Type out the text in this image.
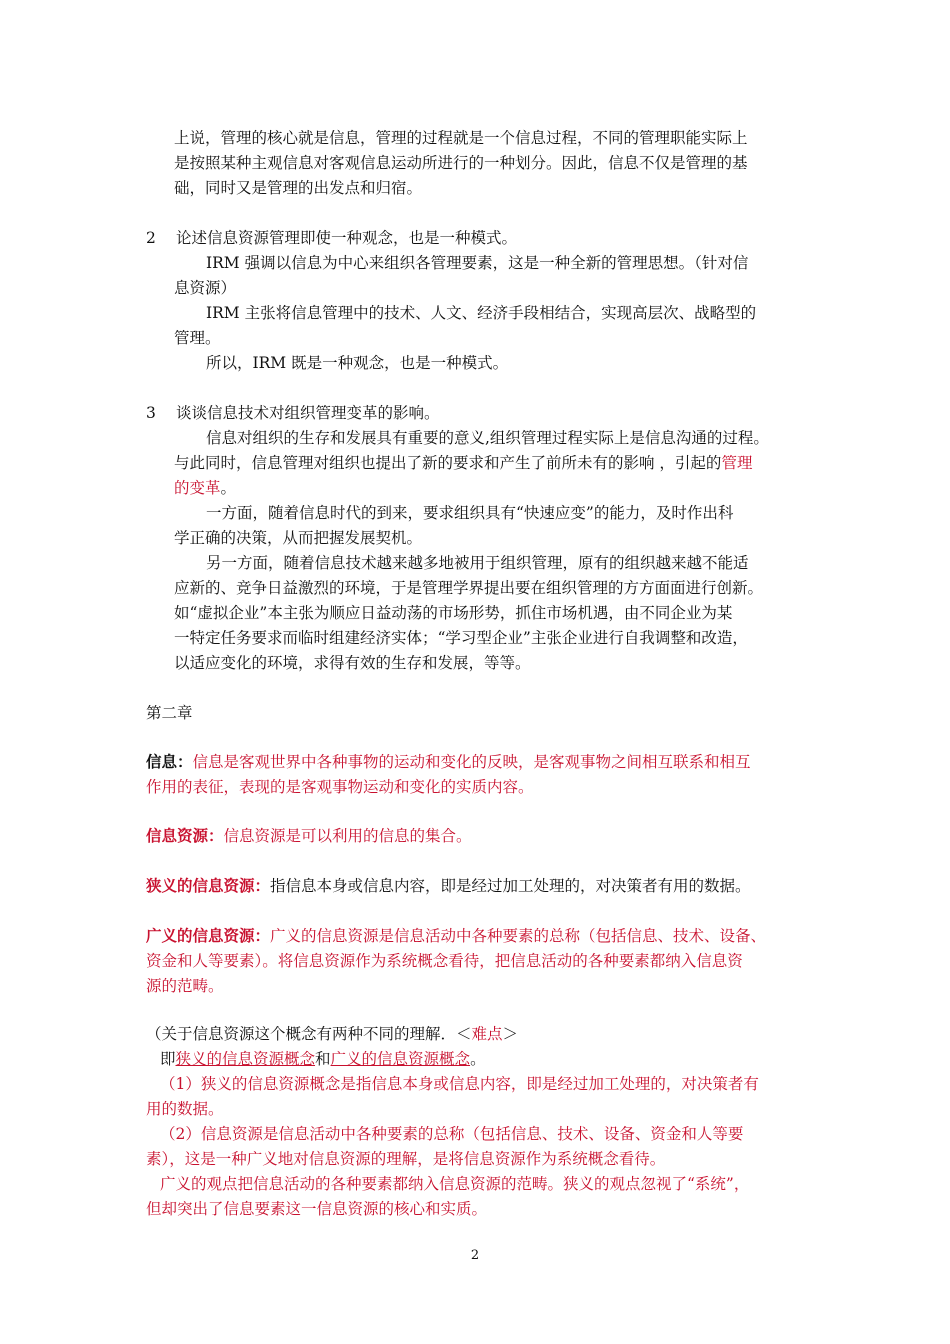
上说，管理的核心就是信息，管理的过程就是一个信息过程，不同的管理职能实际上
是按照某种主观信息对客观信息运动所进行的一种划分。因此，信息不仅是管理的基
础，同时又是管理的出发点和归宿。
2 论述信息资源管理即使一种观念，也是一种模式。
IRM 强调以信息为中心来组织各管理要素，这是一种全新的管理思想。（针对信
息资源）
IRM 主张将信息管理中的技术、人文、经济手段相结合，实现高层次、战略型的
管理。
所以，IRM 既是一种观念，也是一种模式。
3 谈谈信息技术对组织管理变革的影响。
信息对组织的生存和发展具有重要的意义,组织管理过程实际上是信息沟通的过程。
与此同时，信息管理对组织也提出了新的要求和产生了前所未有的影响 ，引起的管理
的变革。
一方面，随着信息时代的到来，要求组织具有“快速应变”的能力，及时作出科
学正确的决策，从而把握发展契机。
另一方面，随着信息技术越来越多地被用于组织管理，原有的组织越来越不能适
应新的、竞争日益激烈的环境，于是管理学界提出要在组织管理的方方面面进行创新。
如“虚拟企业”本主张为顺应日益动荡的市场形势，抓住市场机遇，由不同企业为某
一特定任务要求而临时组建经济实体；“学习型企业”主张企业进行自我调整和改造，
以适应变化的环境，求得有效的生存和发展，等等。
第二章
信息：信息是客观世界中各种事物的运动和变化的反映，是客观事物之间相互联系和相互
作用的表征，表现的是客观事物运动和变化的实质内容。
信息资源：信息资源是可以利用的信息的集合。
狭义的信息资源：指信息本身或信息内容，即是经过加工处理的，对决策者有用的数据。
广义的信息资源：广义的信息资源是信息活动中各种要素的总称（包括信息、技术、设备、
资金和人等要素）。将信息资源作为系统概念看待，把信息活动的各种要素都纳入信息资
源的范畴。
（关于信息资源这个概念有两种不同的理解．＜难点＞
即狭义的信息资源概念和广义的信息资源概念。
（1）狭义的信息资源概念是指信息本身或信息内容，即是经过加工处理的，对决策者有
用的数据。
（2）信息资源是信息活动中各种要素的总称（包括信息、技术、设备、资金和人等要
素），这是一种广义地对信息资源的理解，是将信息资源作为系统概念看待。
广义的观点把信息活动的各种要素都纳入信息资源的范畴。狭义的观点忽视了“系统”，
但却突出了信息要素这一信息资源的核心和实质。
2
